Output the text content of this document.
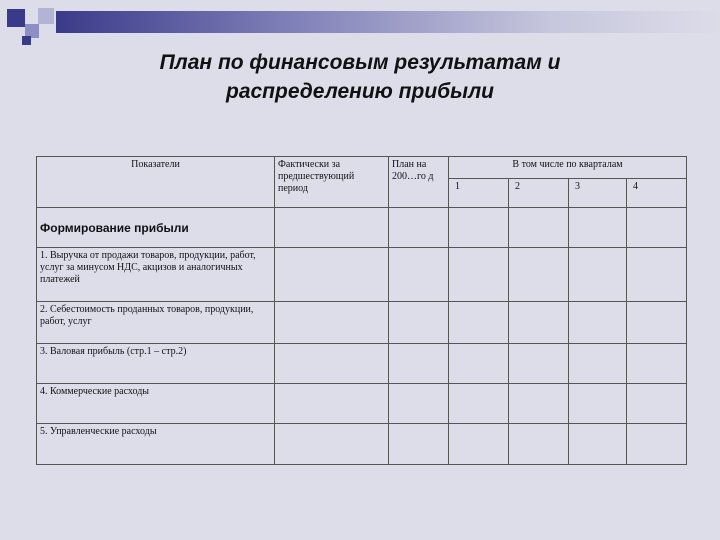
План по финансовым результатам и
распределению прибыли
Показатели	Фактически за предшествующий период	План на 200…го д	В том числе по кварталам			
			1	2	3	4
Формирование прибыли						
1. Выручка от продажи товаров, продукции, работ, услуг за минусом НДС, акцизов и аналогичных платежей						
2. Себестоимость проданных товаров, продукции, работ, услуг						
3. Валовая прибыль (стр.1 – стр.2)						
4. Коммерческие расходы						
5. Управленческие расходы						
